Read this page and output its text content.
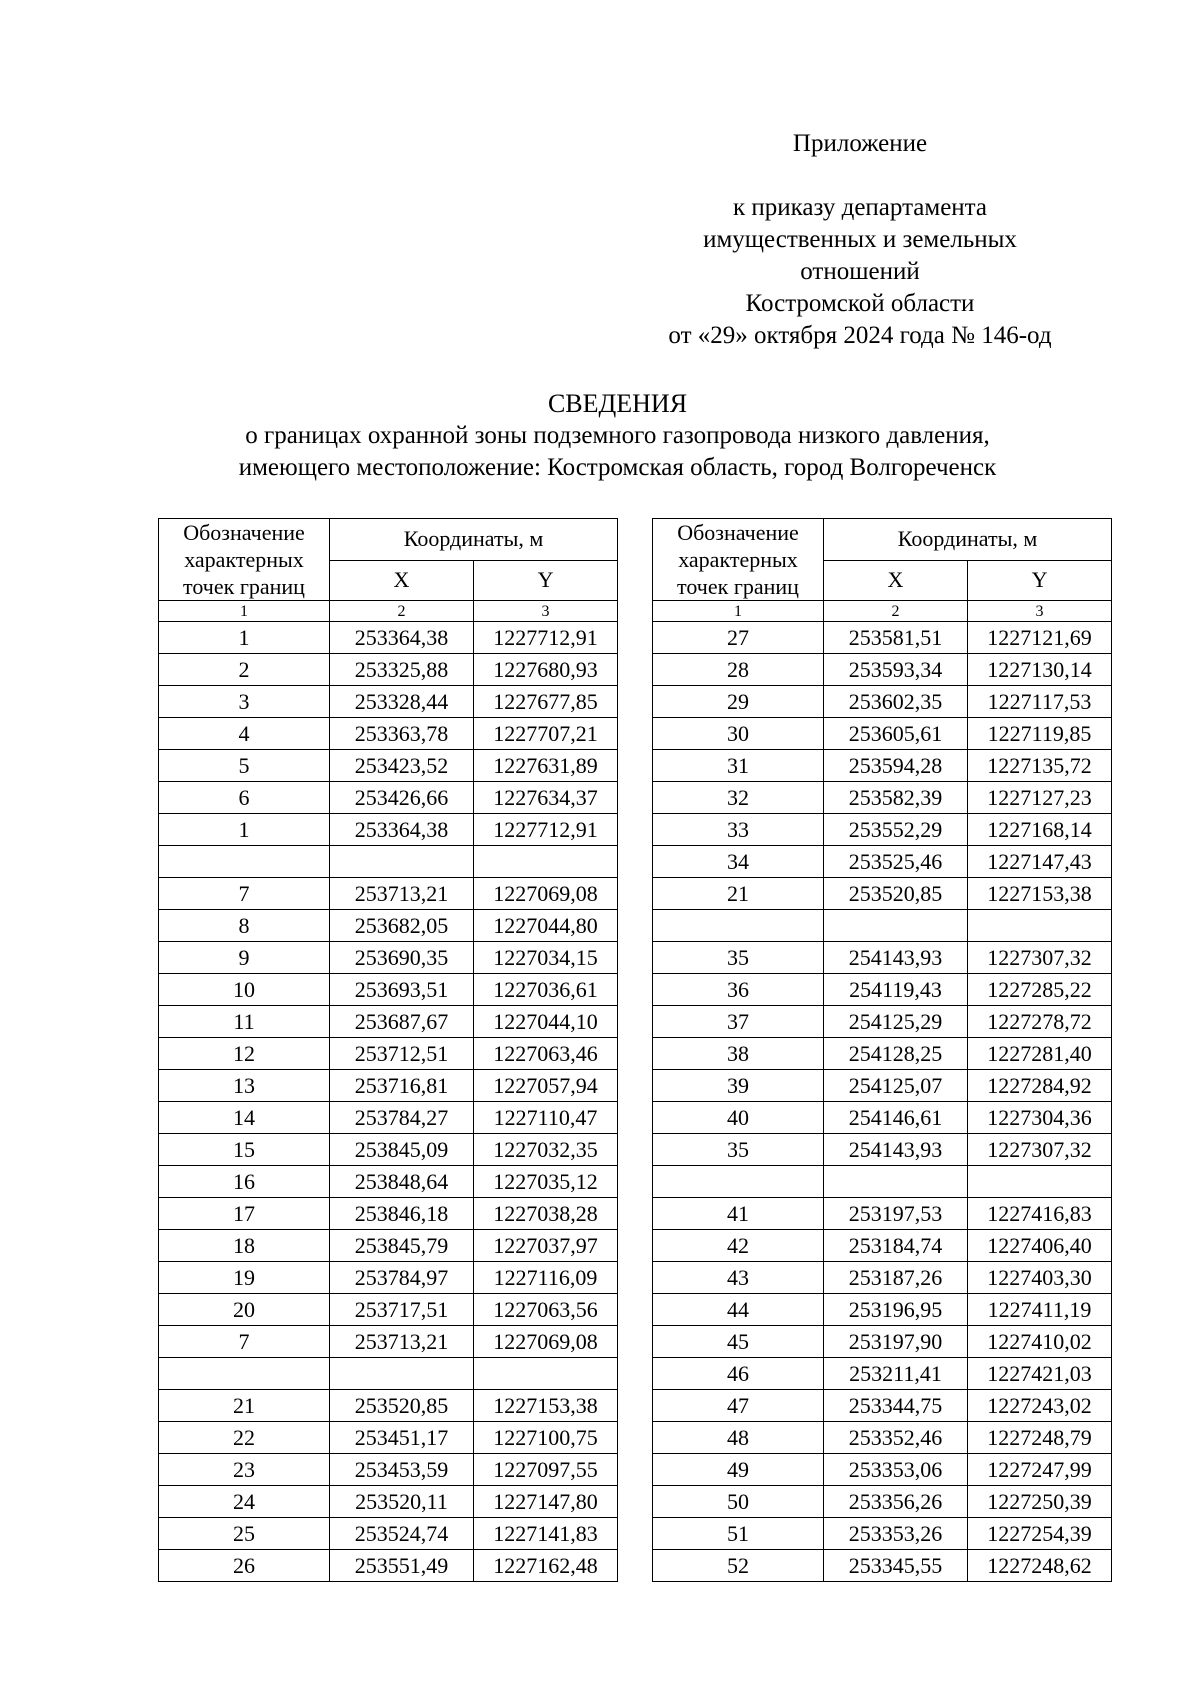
Приложение
к приказу департамента
имущественных и земельных
отношений
Костромской области
от «29» октября 2024 года № 146-од
СВЕДЕНИЯ
о границах охранной зоны подземного газопровода низкого давления,
имеющего местоположение: Костромская область, город Волгореченск
Обозначение характерных точек границ	Координаты, м	
	X	Y
1	2	3
1	253364,38	1227712,91
2	253325,88	1227680,93
3	253328,44	1227677,85
4	253363,78	1227707,21
5	253423,52	1227631,89
6	253426,66	1227634,37
1	253364,38	1227712,91

7	253713,21	1227069,08
8	253682,05	1227044,80
9	253690,35	1227034,15
10	253693,51	1227036,61
11	253687,67	1227044,10
12	253712,51	1227063,46
13	253716,81	1227057,94
14	253784,27	1227110,47
15	253845,09	1227032,35
16	253848,64	1227035,12
17	253846,18	1227038,28
18	253845,79	1227037,97
19	253784,97	1227116,09
20	253717,51	1227063,56
7	253713,21	1227069,08

21	253520,85	1227153,38
22	253451,17	1227100,75
23	253453,59	1227097,55
24	253520,11	1227147,80
25	253524,74	1227141,83
26	253551,49	1227162,48
Обозначение характерных точек границ	Координаты, м	
	X	Y
1	2	3
27	253581,51	1227121,69
28	253593,34	1227130,14
29	253602,35	1227117,53
30	253605,61	1227119,85
31	253594,28	1227135,72
32	253582,39	1227127,23
33	253552,29	1227168,14
34	253525,46	1227147,43
21	253520,85	1227153,38

35	254143,93	1227307,32
36	254119,43	1227285,22
37	254125,29	1227278,72
38	254128,25	1227281,40
39	254125,07	1227284,92
40	254146,61	1227304,36
35	254143,93	1227307,32

41	253197,53	1227416,83
42	253184,74	1227406,40
43	253187,26	1227403,30
44	253196,95	1227411,19
45	253197,90	1227410,02
46	253211,41	1227421,03
47	253344,75	1227243,02
48	253352,46	1227248,79
49	253353,06	1227247,99
50	253356,26	1227250,39
51	253353,26	1227254,39
52	253345,55	1227248,62
